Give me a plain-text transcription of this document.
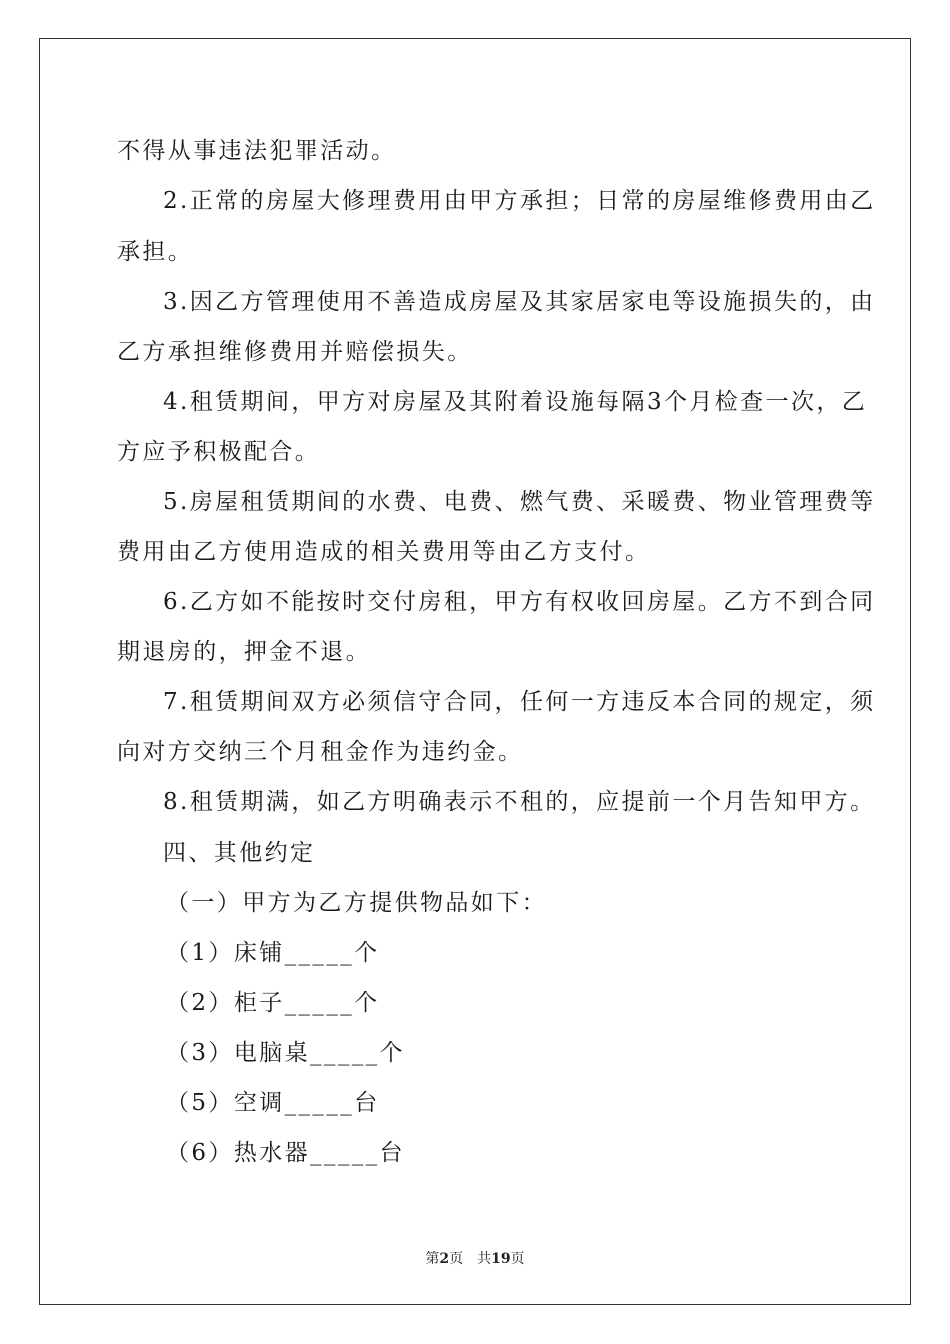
不得从事违法犯罪活动。
2.正常的房屋大修理费用由甲方承担；日常的房屋维修费用由乙
承担。
3.因乙方管理使用不善造成房屋及其家居家电等设施损失的，由
乙方承担维修费用并赔偿损失。
4.租赁期间，甲方对房屋及其附着设施每隔3个月检查一次，乙
方应予积极配合。
5.房屋租赁期间的水费、电费、燃气费、采暖费、物业管理费等
费用由乙方使用造成的相关费用等由乙方支付。
6.乙方如不能按时交付房租，甲方有权收回房屋。乙方不到合同
期退房的，押金不退。
7.租赁期间双方必须信守合同，任何一方违反本合同的规定，须
向对方交纳三个月租金作为违约金。
8.租赁期满，如乙方明确表示不租的，应提前一个月告知甲方。
四、其他约定
（一）甲方为乙方提供物品如下：
（1）床铺_____个
（2）柜子_____个
（3）电脑桌_____个
（5）空调_____台
（6）热水器_____台
第2页 共19页
